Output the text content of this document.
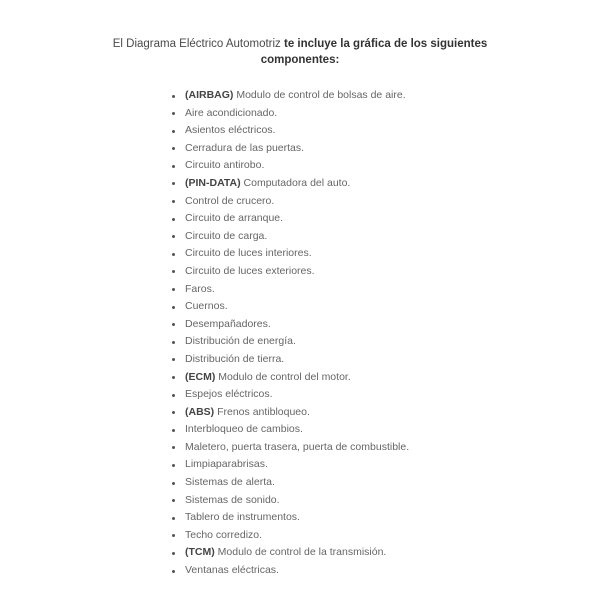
El Diagrama Eléctrico Automotriz te incluye la gráfica de los siguientes componentes:
(AIRBAG) Modulo de control de bolsas de aire.
Aire acondicionado.
Asientos eléctricos.
Cerradura de las puertas.
Circuito antirobo.
(PIN-DATA) Computadora del auto.
Control de crucero.
Circuito de arranque.
Circuito de carga.
Circuito de luces interiores.
Circuito de luces exteriores.
Faros.
Cuernos.
Desempañadores.
Distribución de energía.
Distribución de tierra.
(ECM) Modulo de control del motor.
Espejos eléctricos.
(ABS) Frenos antibloqueo.
Interbloqueo de cambios.
Maletero, puerta trasera, puerta de combustible.
Limpiaparabrisas.
Sistemas de alerta.
Sistemas de sonido.
Tablero de instrumentos.
Techo corredizo.
(TCM) Modulo de control de la transmisión.
Ventanas eléctricas.
